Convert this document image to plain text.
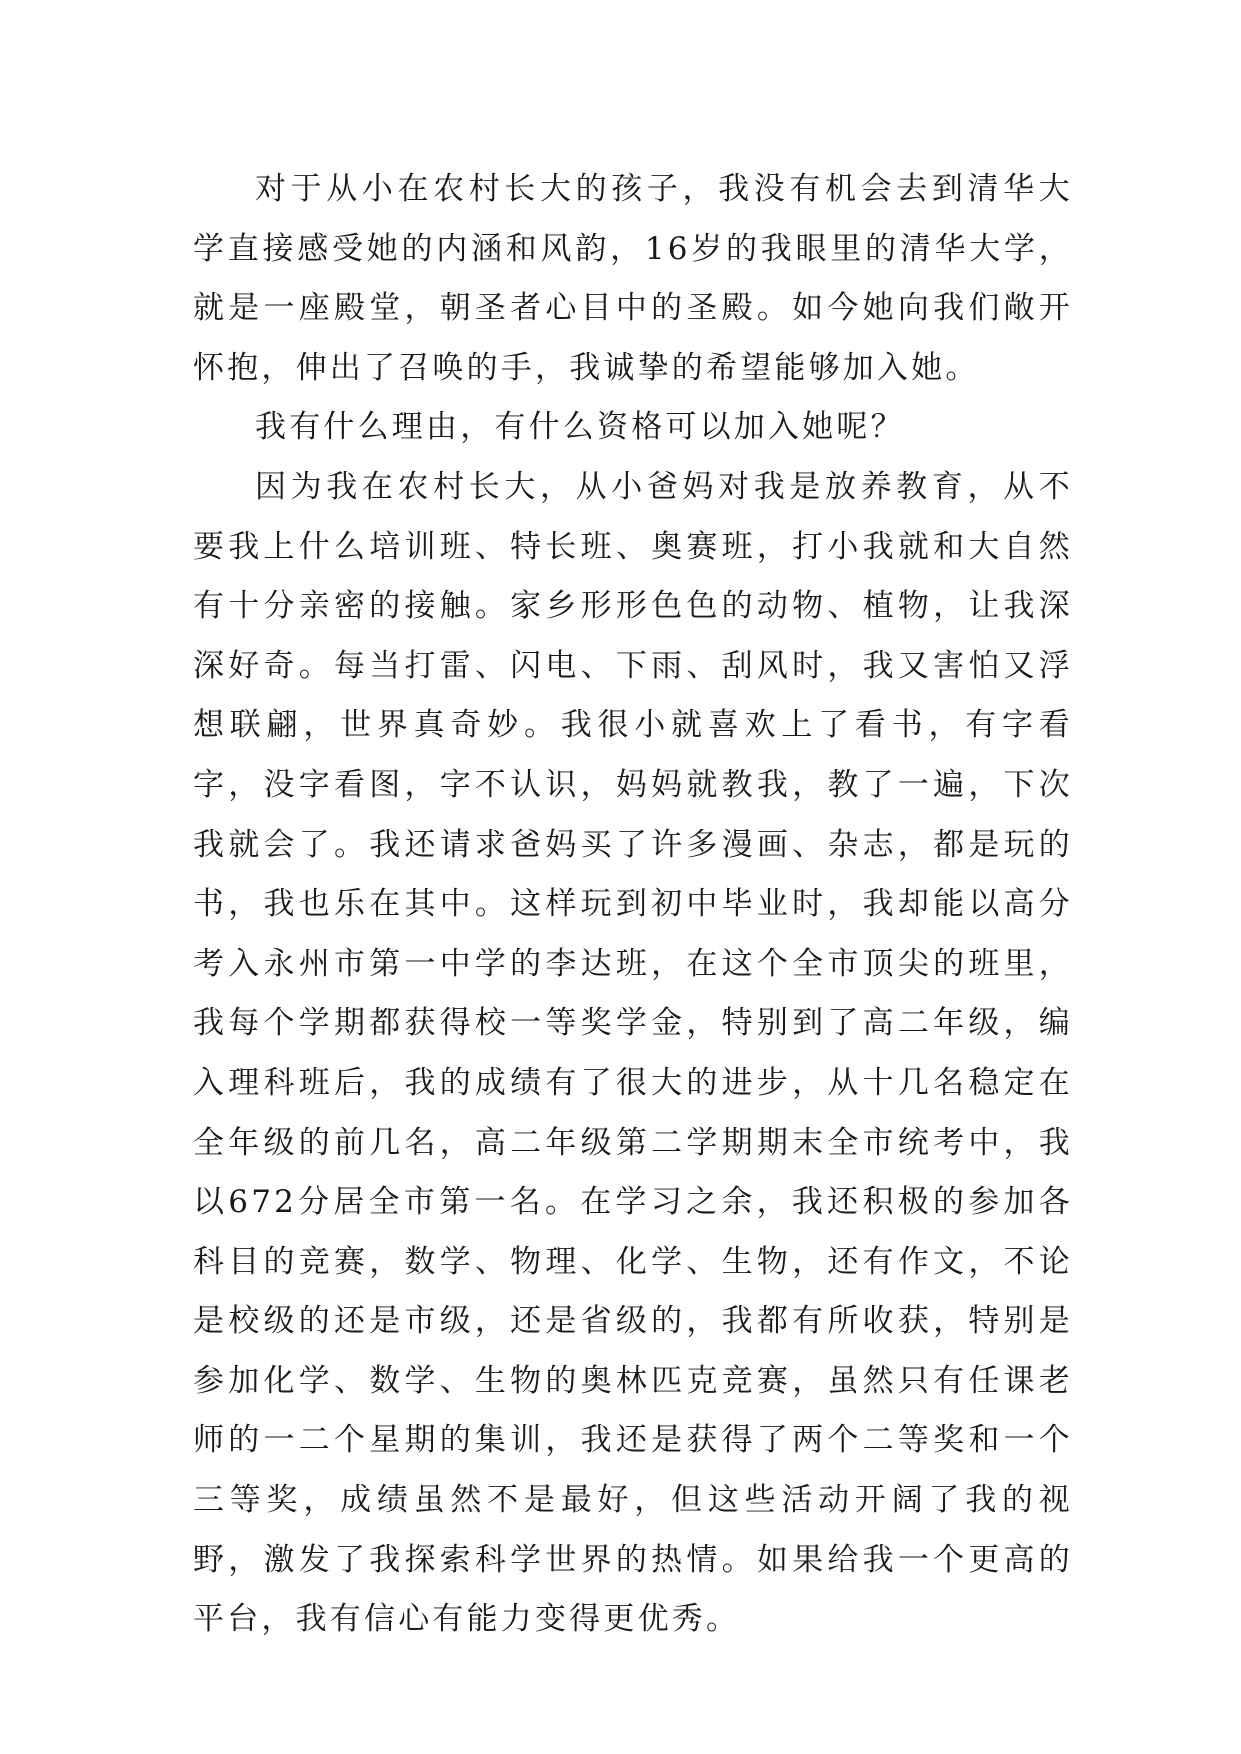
对于从小在农村长大的孩子，我没有机会去到清华大学直接感受她的内涵和风韵，16岁的我眼里的清华大学，就是一座殿堂，朝圣者心目中的圣殿。如今她向我们敞开怀抱，伸出了召唤的手，我诚挚的希望能够加入她。

我有什么理由，有什么资格可以加入她呢？

因为我在农村长大，从小爸妈对我是放养教育，从不要我上什么培训班、特长班、奥赛班，打小我就和大自然有十分亲密的接触。家乡形形色色的动物、植物，让我深深好奇。每当打雷、闪电、下雨、刮风时，我又害怕又浮想联翩，世界真奇妙。我很小就喜欢上了看书，有字看字，没字看图，字不认识，妈妈就教我，教了一遍，下次我就会了。我还请求爸妈买了许多漫画、杂志，都是玩的书，我也乐在其中。这样玩到初中毕业时，我却能以高分考入永州市第一中学的李达班，在这个全市顶尖的班里，我每个学期都获得校一等奖学金，特别到了高二年级，编入理科班后，我的成绩有了很大的进步，从十几名稳定在全年级的前几名，高二年级第二学期期末全市统考中，我以672分居全市第一名。在学习之余，我还积极的参加各科目的竞赛，数学、物理、化学、生物，还有作文，不论是校级的还是市级，还是省级的，我都有所收获，特别是参加化学、数学、生物的奥林匹克竞赛，虽然只有任课老师的一二个星期的集训，我还是获得了两个二等奖和一个三等奖，成绩虽然不是最好，但这些活动开阔了我的视野，激发了我探索科学世界的热情。如果给我一个更高的平台，我有信心有能力变得更优秀。
